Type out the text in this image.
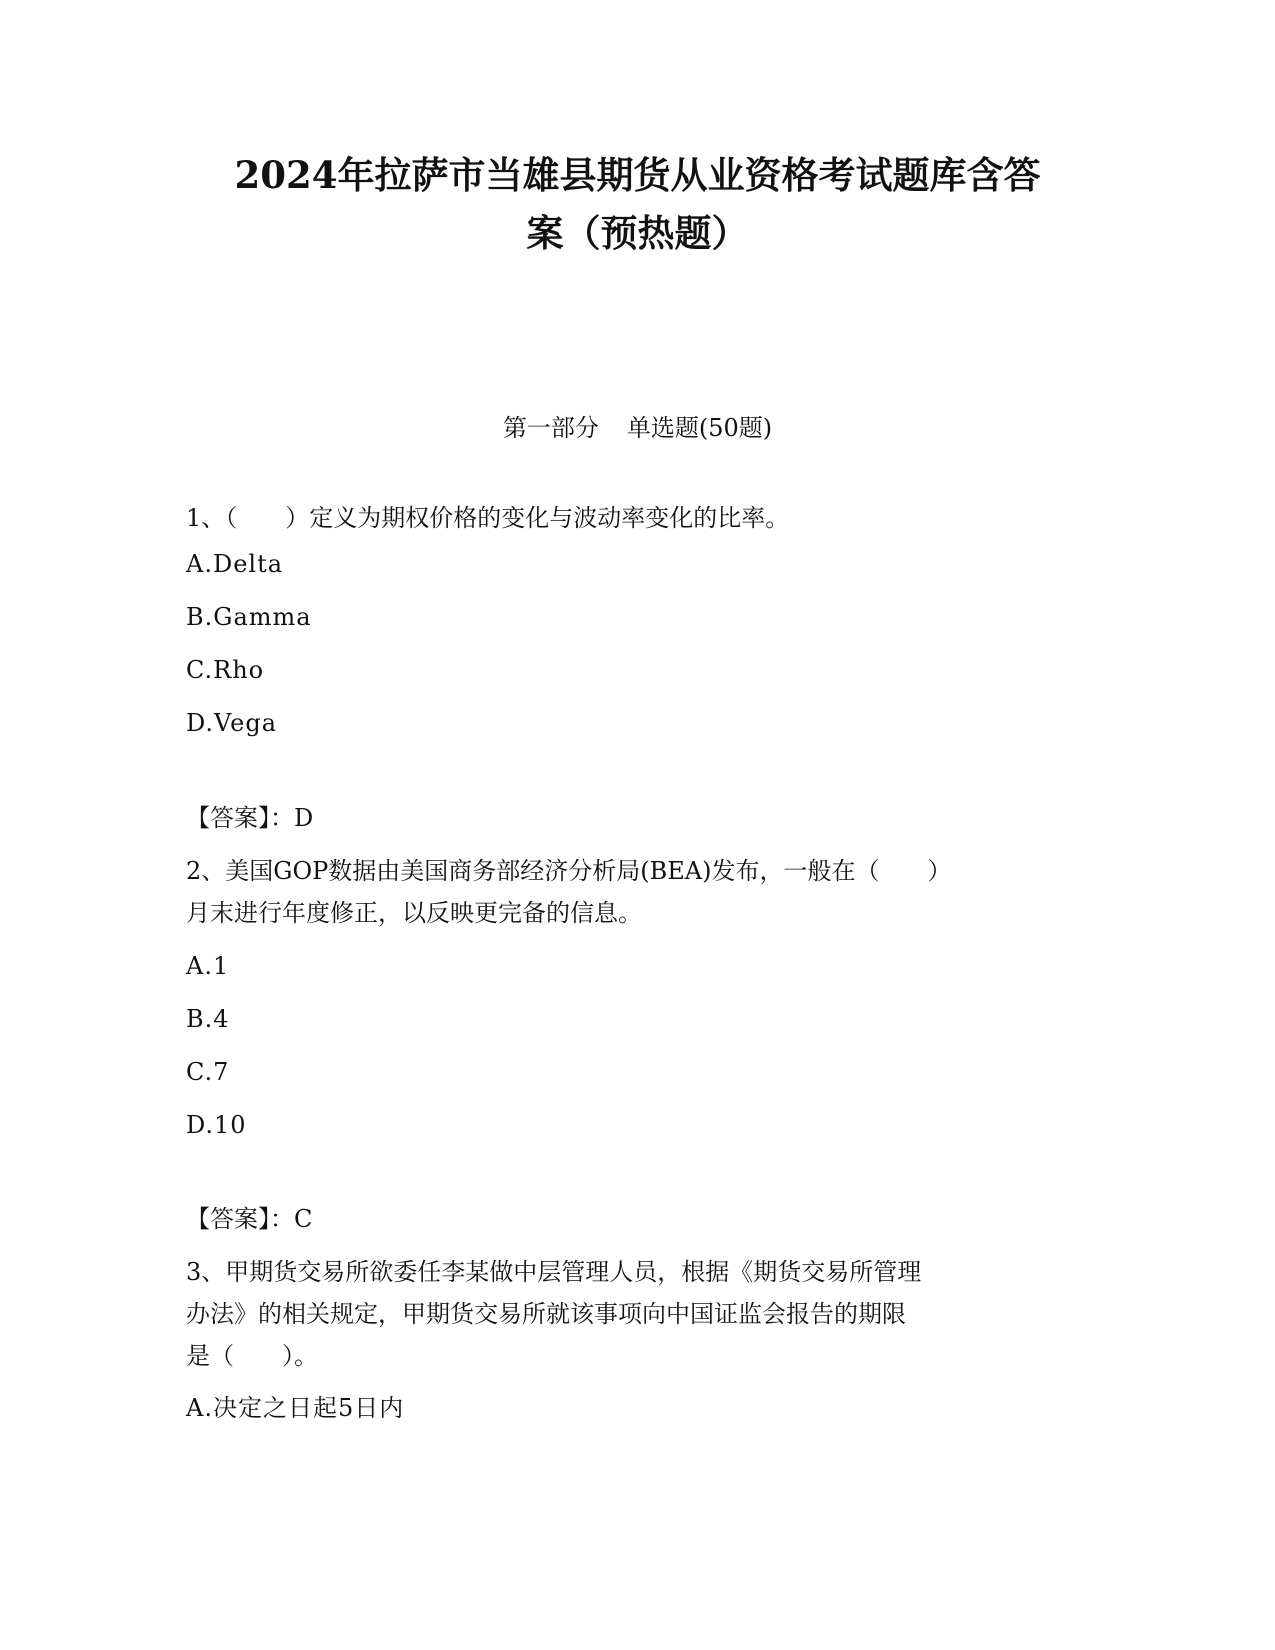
2024年拉萨市当雄县期货从业资格考试题库含答
案（预热题）
第一部分 单选题(50题)
1、（　　）定义为期权价格的变化与波动率变化的比率。
A.Delta
B.Gamma
C.Rho
D.Vega
【答案】：D
2、美国GOP数据由美国商务部经济分析局(BEA)发布，一般在（　　）
月末进行年度修正，以反映更完备的信息。
A.1
B.4
C.7
D.10
【答案】：C
3、甲期货交易所欲委任李某做中层管理人员，根据《期货交易所管理
办法》的相关规定，甲期货交易所就该事项向中国证监会报告的期限
是（　　）。
A.决定之日起5日内
